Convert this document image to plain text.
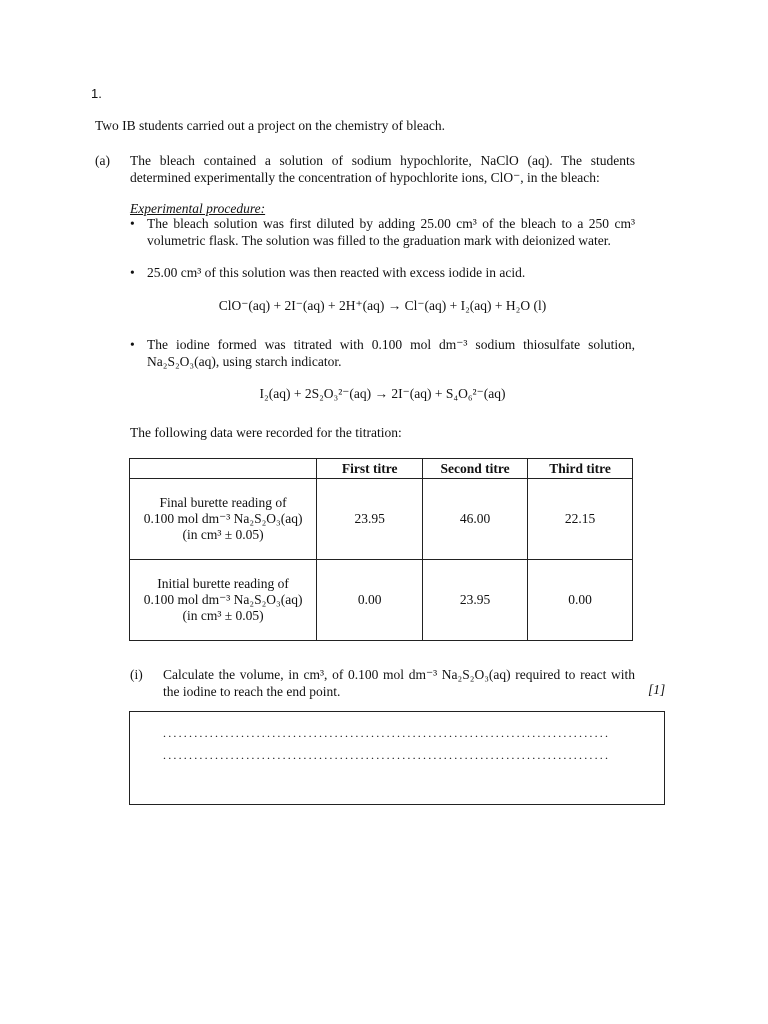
1.
Two IB students carried out a project on the chemistry of bleach.
(a) The bleach contained a solution of sodium hypochlorite, NaClO (aq). The students determined experimentally the concentration of hypochlorite ions, ClO⁻, in the bleach:
Experimental procedure:
• The bleach solution was first diluted by adding 25.00 cm³ of the bleach to a 250 cm³ volumetric flask. The solution was filled to the graduation mark with deionized water.
• 25.00 cm³ of this solution was then reacted with excess iodide in acid.
ClO⁻(aq) + 2I⁻(aq) + 2H⁺(aq) → Cl⁻(aq) + I₂(aq) + H₂O (l)
• The iodine formed was titrated with 0.100 mol dm⁻³ sodium thiosulfate solution, Na₂S₂O₃(aq), using starch indicator.
I₂(aq) + 2S₂O₃²⁻(aq) → 2I⁻(aq) + S₄O₆²⁻(aq)
The following data were recorded for the titration:
	First titre	Second titre	Third titre

Final burette reading of
0.100 mol dm⁻³ Na₂S₂O₃(aq)
(in cm³ ± 0.05)	23.95	46.00	22.15

Initial burette reading of
0.100 mol dm⁻³ Na₂S₂O₃(aq)
(in cm³ ± 0.05)	0.00	23.95	0.00
(i) Calculate the volume, in cm³, of 0.100 mol dm⁻³ Na₂S₂O₃(aq) required to react with the iodine to reach the end point.	[1]
......................................................................................
......................................................................................
